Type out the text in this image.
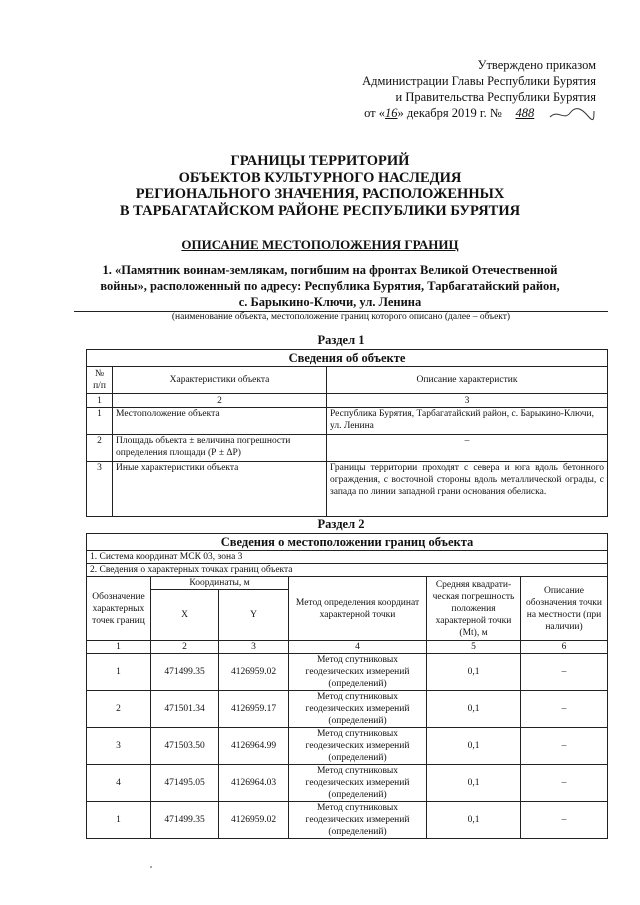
Утверждено приказом
Администрации Главы Республики Бурятия
и Правительства Республики Бурятия
от «16» декабря 2019 г. № 488
ГРАНИЦЫ ТЕРРИТОРИЙ
ОБЪЕКТОВ КУЛЬТУРНОГО НАСЛЕДИЯ
РЕГИОНАЛЬНОГО ЗНАЧЕНИЯ, РАСПОЛОЖЕННЫХ
В ТАРБАГАТАЙСКОМ РАЙОНЕ РЕСПУБЛИКИ БУРЯТИЯ
ОПИСАНИЕ МЕСТОПОЛОЖЕНИЯ ГРАНИЦ
1. «Памятник воинам-землякам, погибшим на фронтах Великой Отечественной
войны», расположенный по адресу: Республика Бурятия, Тарбагатайский район,
с. Барыкино-Ключи, ул. Ленина
(наименование объекта, местоположение границ которого описано (далее – объект)
Раздел 1
Сведения об объекте		
№ п/п	Характеристики объекта	Описание характеристик
1	2	3
1	Местоположение объекта	Республика Бурятия, Тарбагатайский район, с. Барыкино-Ключи, ул. Ленина
2	Площадь объекта ± величина погрешности определения площади (Р ± ΔР)	–
3	Иные характеристики объекта	Границы территории проходят с севера и юга вдоль бетонного ограждения, с восточной стороны вдоль металлической ограды, с запада по линии западной грани основания обелиска.
Раздел 2
Сведения о местоположении границ объекта					
1. Система координат МСК 03, зона 3					
2. Сведения о характерных точках границ объекта					
Обозначение характерных точек границ	Координаты, м		Метод определения координат характерной точки	Средняя квадрати-ческая погрешность положения характерной точки (Mt), м	Описание обозначения точки на местности (при наличии)
	X	Y			
1	2	3	4	5	6
1	471499.35	4126959.02	Метод спутниковых геодезических измерений (определений)	0,1	–
2	471501.34	4126959.17	Метод спутниковых геодезических измерений (определений)	0,1	–
3	471503.50	4126964.99	Метод спутниковых геодезических измерений (определений)	0,1	–
4	471495.05	4126964.03	Метод спутниковых геодезических измерений (определений)	0,1	–
1	471499.35	4126959.02	Метод спутниковых геодезических измерений (определений)	0,1	–
